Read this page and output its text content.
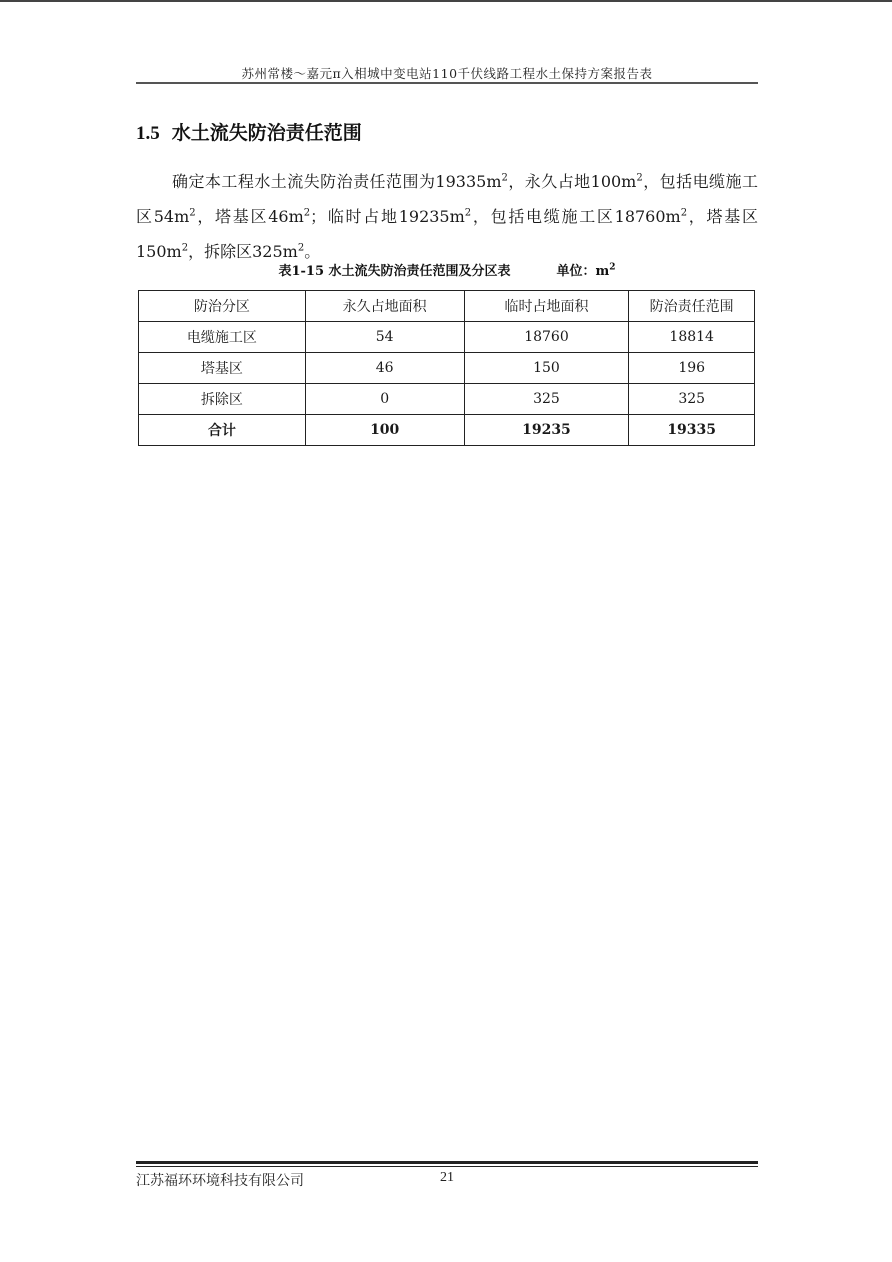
苏州常楼～嘉元π入相城中变电站110千伏线路工程水土保持方案报告表
1.5 水土流失防治责任范围

确定本工程水土流失防治责任范围为$19335m^2$，永久占地$100m^2$，包括电缆施工区$54m^2$，塔基区$46m^2$；临时占地$19235m^2$，包括电缆施工区$18760m^2$，塔基区$150m^2$，拆除区$325m^2$。

表1-15 水土流失防治责任范围及分区表	单位：$m^2$
防治分区	永久占地面积	临时占地面积	防治责任范围
电缆施工区	54	18760	18814
塔基区	46	150	196
拆除区	0	325	325
合计	100	19235	19335
江苏福环环境科技有限公司	21
